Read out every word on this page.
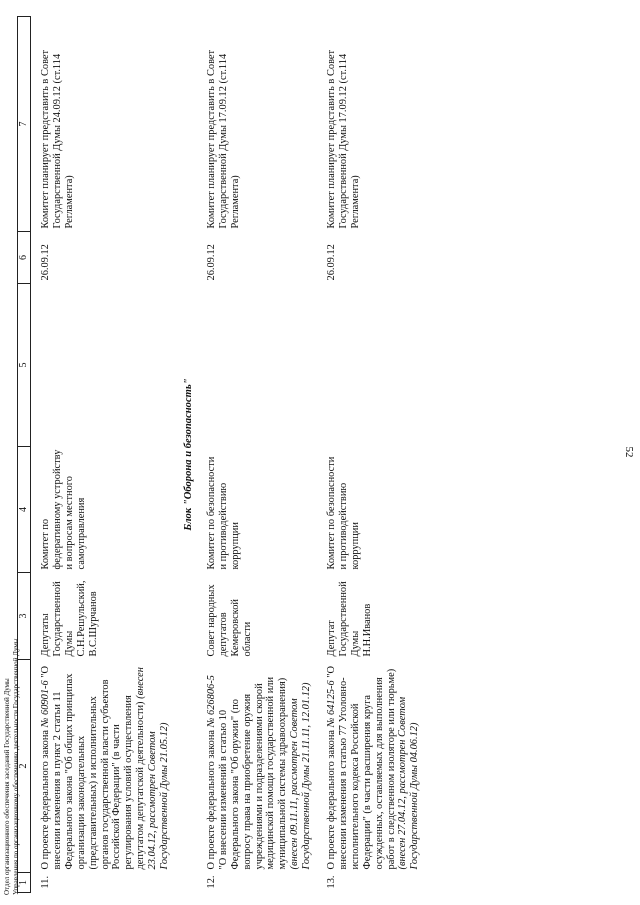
52
1	2	3	4	5	6	7

11.	О проекте федерального закона № 60901-6 "О внесении изменения в пункт 2 статьи 11 Федерального закона "Об общих принципах организации законодательных (представительных) и исполнительных органов государственной власти субъектов Российской Федерации" (в части регулирования условий осуществления депутатом депутатской деятельности) (внесен 23.04.12, рассмотрен Советом Государственной Думы 21.05.12)	Депутаты Государственной Думы С.Н.Решульский, В.С.Шурчанов	Комитет по федеративному устройству и вопросам местного самоуправления		26.09.12	Комитет планирует представить в Совет Государственной Думы 24.09.12 (ст.114 Регламента)
Блок "Оборона и безопасность"						
12.	О проекте федерального закона № 626806-5 "О внесении изменений в статью 10 Федерального закона "Об оружии" (по вопросу права на приобретение оружия учреждениями и подразделениями скорой медицинской помощи государственной или муниципальной системы здравоохранения) (внесен 09.11.11, рассмотрен Советом Государственной Думы 21.11.11, 12.01.12)	Совет народных депутатов Кемеровской области	Комитет по безопасности и противодействию коррупции		26.09.12	Комитет планирует представить в Совет Государственной Думы 17.09.12 (ст.114 Регламента)

13.	О проекте федерального закона № 64125-6 "О внесении изменения в статью 77 Уголовно-исполнительного кодекса Российской Федерации" (в части расширения круга осужденных, оставляемых для выполнения работ в следственном изоляторе или тюрьме) (внесен 27.04.12, рассмотрен Советом Государственной Думы 04.06.12)	Депутат Государственной Думы Н.Н.Иванов	Комитет по безопасности и противодействию коррупции		26.09.12	Комитет планирует представить в Совет Государственной Думы 17.09.12 (ст.114 Регламента)
Отдел организационного обеспечения заседаний Государственной Думы Управления по организационному обеспечению деятельности Государственной Думы
